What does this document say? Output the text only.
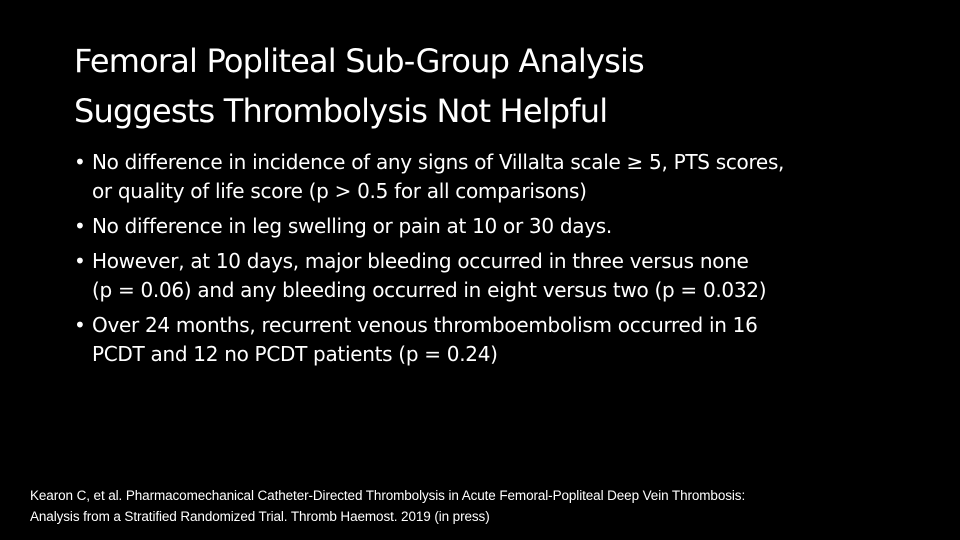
Femoral Popliteal Sub-Group Analysis
Suggests Thrombolysis Not Helpful
• No difference in incidence of any signs of Villalta scale ≥ 5, PTS scores,
or quality of life score (p > 0.5 for all comparisons)
• No difference in leg swelling or pain at 10 or 30 days.
• However, at 10 days, major bleeding occurred in three versus none
(p = 0.06) and any bleeding occurred in eight versus two (p = 0.032)
• Over 24 months, recurrent venous thromboembolism occurred in 16
PCDT and 12 no PCDT patients (p = 0.24)
Kearon C, et al. Pharmacomechanical Catheter-Directed Thrombolysis in Acute Femoral-Popliteal Deep Vein Thrombosis:
Analysis from a Stratified Randomized Trial. Thromb Haemost. 2019 (in press)
